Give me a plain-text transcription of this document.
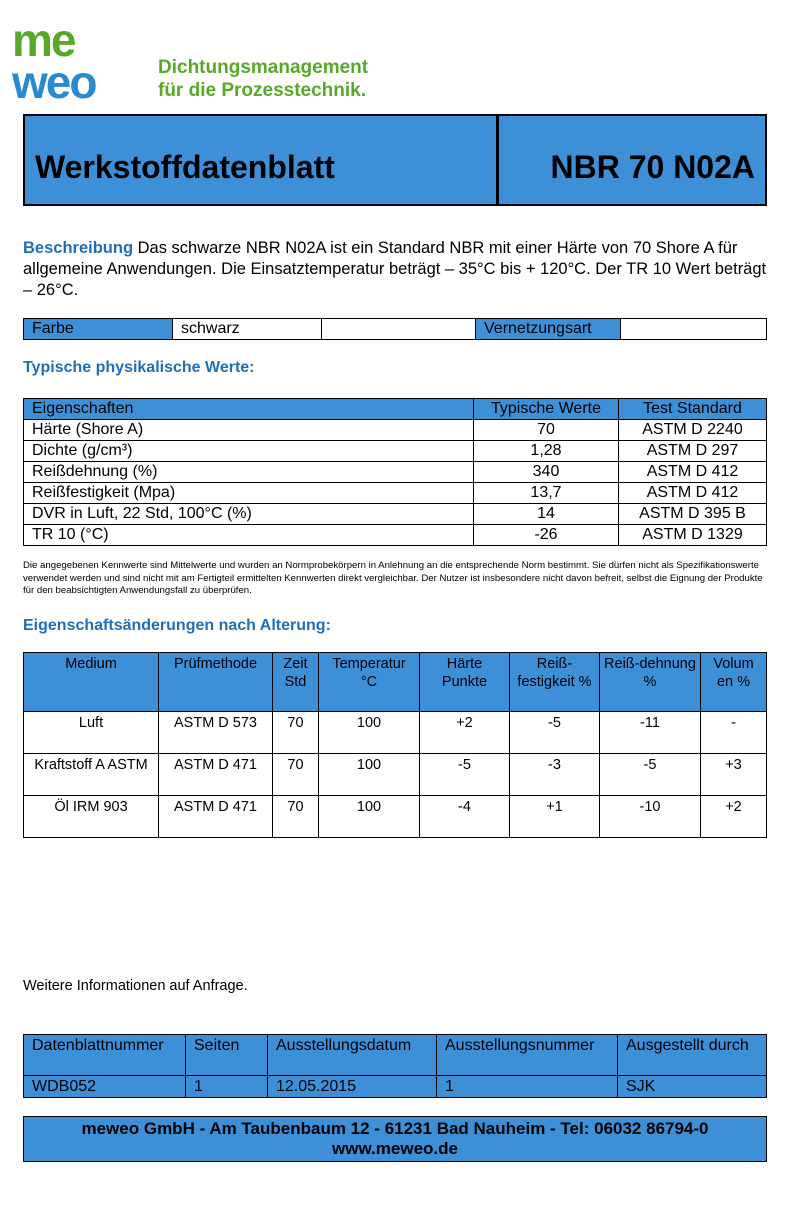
me
weo	Dichtungsmanagement
für die Prozesstechnik.
Werkstoffdatenblatt	NBR 70 N02A
Beschreibung Das schwarze NBR N02A ist ein Standard NBR mit einer Härte von 70 Shore A für allgemeine Anwendungen. Die Einsatztemperatur beträgt – 35°C bis + 120°C. Der TR 10 Wert beträgt – 26°C.
Farbe	schwarz		Vernetzungsart	
Typische physikalische Werte:
Eigenschaften	Typische Werte	Test Standard
Härte (Shore A)	70	ASTM D 2240
Dichte (g/cm³)	1,28	ASTM D 297
Reißdehnung (%)	340	ASTM D 412
Reißfestigkeit (Mpa)	13,7	ASTM D 412
DVR in Luft, 22 Std, 100°C (%)	14	ASTM D 395 B
TR 10 (°C)	-26	ASTM D 1329
Die angegebenen Kennwerte sind Mittelwerte und wurden an Normprobekörpern in Anlehnung an die entsprechende Norm bestimmt. Sie dürfen nicht als Spezifikationswerte verwendet werden und sind nicht mit am Fertigteil ermittelten Kennwerten direkt vergleichbar. Der Nutzer ist insbesondere nicht davon befreit, selbst die Eignung der Produkte für den beabsichtigten Anwendungsfall zu überprüfen.
Eigenschaftsänderungen nach Alterung:
Medium	Prüfmethode	Zeit Std	Temperatur °C	Härte Punkte	Reiß-festigkeit %	Reiß-dehnung %	Volum en %
Luft	ASTM D 573	70	100	+2	-5	-11	-
Kraftstoff A ASTM	ASTM D 471	70	100	-5	-3	-5	+3
Öl IRM 903	ASTM D 471	70	100	-4	+1	-10	+2
Weitere Informationen auf Anfrage.
Datenblattnummer	Seiten	Ausstellungsdatum	Ausstellungsnummer	Ausgestellt durch
WDB052	1	12.05.2015	1	SJK
meweo GmbH - Am Taubenbaum 12 - 61231 Bad Nauheim - Tel: 06032 86794-0
www.meweo.de
